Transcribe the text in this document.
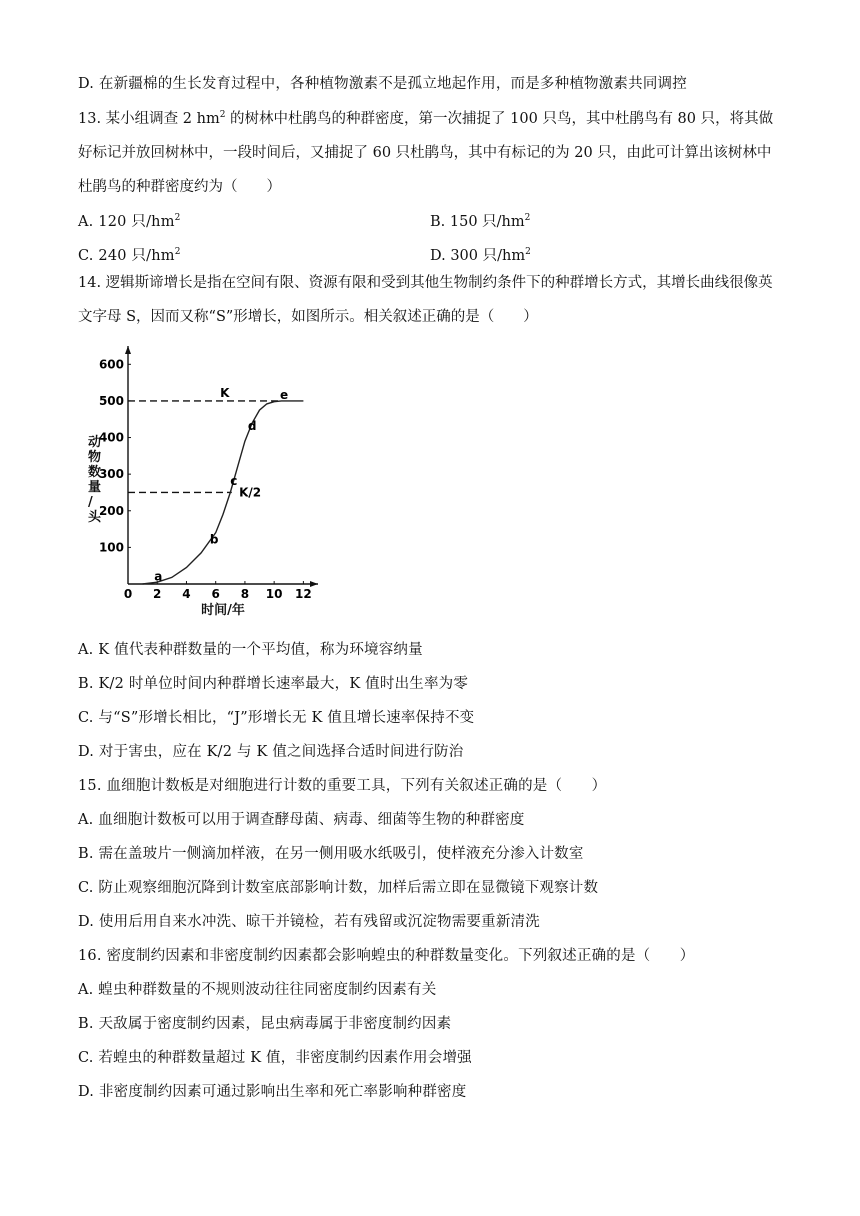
D. 在新疆棉的生长发育过程中，各种植物激素不是孤立地起作用，而是多种植物激素共同调控
13. 某小组调查 2 $hm^2$ 的树林中杜鹃鸟的种群密度，第一次捕捉了 100 只鸟，其中杜鹃鸟有 80 只，将其做好标记并放回树林中，一段时间后，又捕捉了 60 只杜鹃鸟，其中有标记的为 20 只，由此可计算出该树林中杜鹃鸟的种群密度约为（　　）
A. 120 只$/hm^2$	B. 150 只$/hm^2$
C. 240 只$/hm^2$	D. 300 只$/hm^2$
14. 逻辑斯谛增长是指在空间有限、资源有限和受到其他生物制约条件下的种群增长方式，其增长曲线很像英文字母 S，因而又称“S”形增长，如图所示。相关叙述正确的是（　　）
0 2 4 6 8 10 12
100
200
300
400
500
600
K
K/2
a
b
c
d
e
动物数量/头
时间/年
A. K 值代表种群数量的一个平均值，称为环境容纳量
B. K/2 时单位时间内种群增长速率最大，K 值时出生率为零
C. 与“S”形增长相比，“J”形增长无 K 值且增长速率保持不变
D. 对于害虫，应在 K/2 与 K 值之间选择合适时间进行防治
15. 血细胞计数板是对细胞进行计数的重要工具，下列有关叙述正确的是（　　）
A. 血细胞计数板可以用于调查酵母菌、病毒、细菌等生物的种群密度
B. 需在盖玻片一侧滴加样液，在另一侧用吸水纸吸引，使样液充分渗入计数室
C. 防止观察细胞沉降到计数室底部影响计数，加样后需立即在显微镜下观察计数
D. 使用后用自来水冲洗、晾干并镜检，若有残留或沉淀物需要重新清洗
16. 密度制约因素和非密度制约因素都会影响蝗虫的种群数量变化。下列叙述正确的是（　　）
A. 蝗虫种群数量的不规则波动往往同密度制约因素有关
B. 天敌属于密度制约因素，昆虫病毒属于非密度制约因素
C. 若蝗虫的种群数量超过 K 值，非密度制约因素作用会增强
D. 非密度制约因素可通过影响出生率和死亡率影响种群密度
